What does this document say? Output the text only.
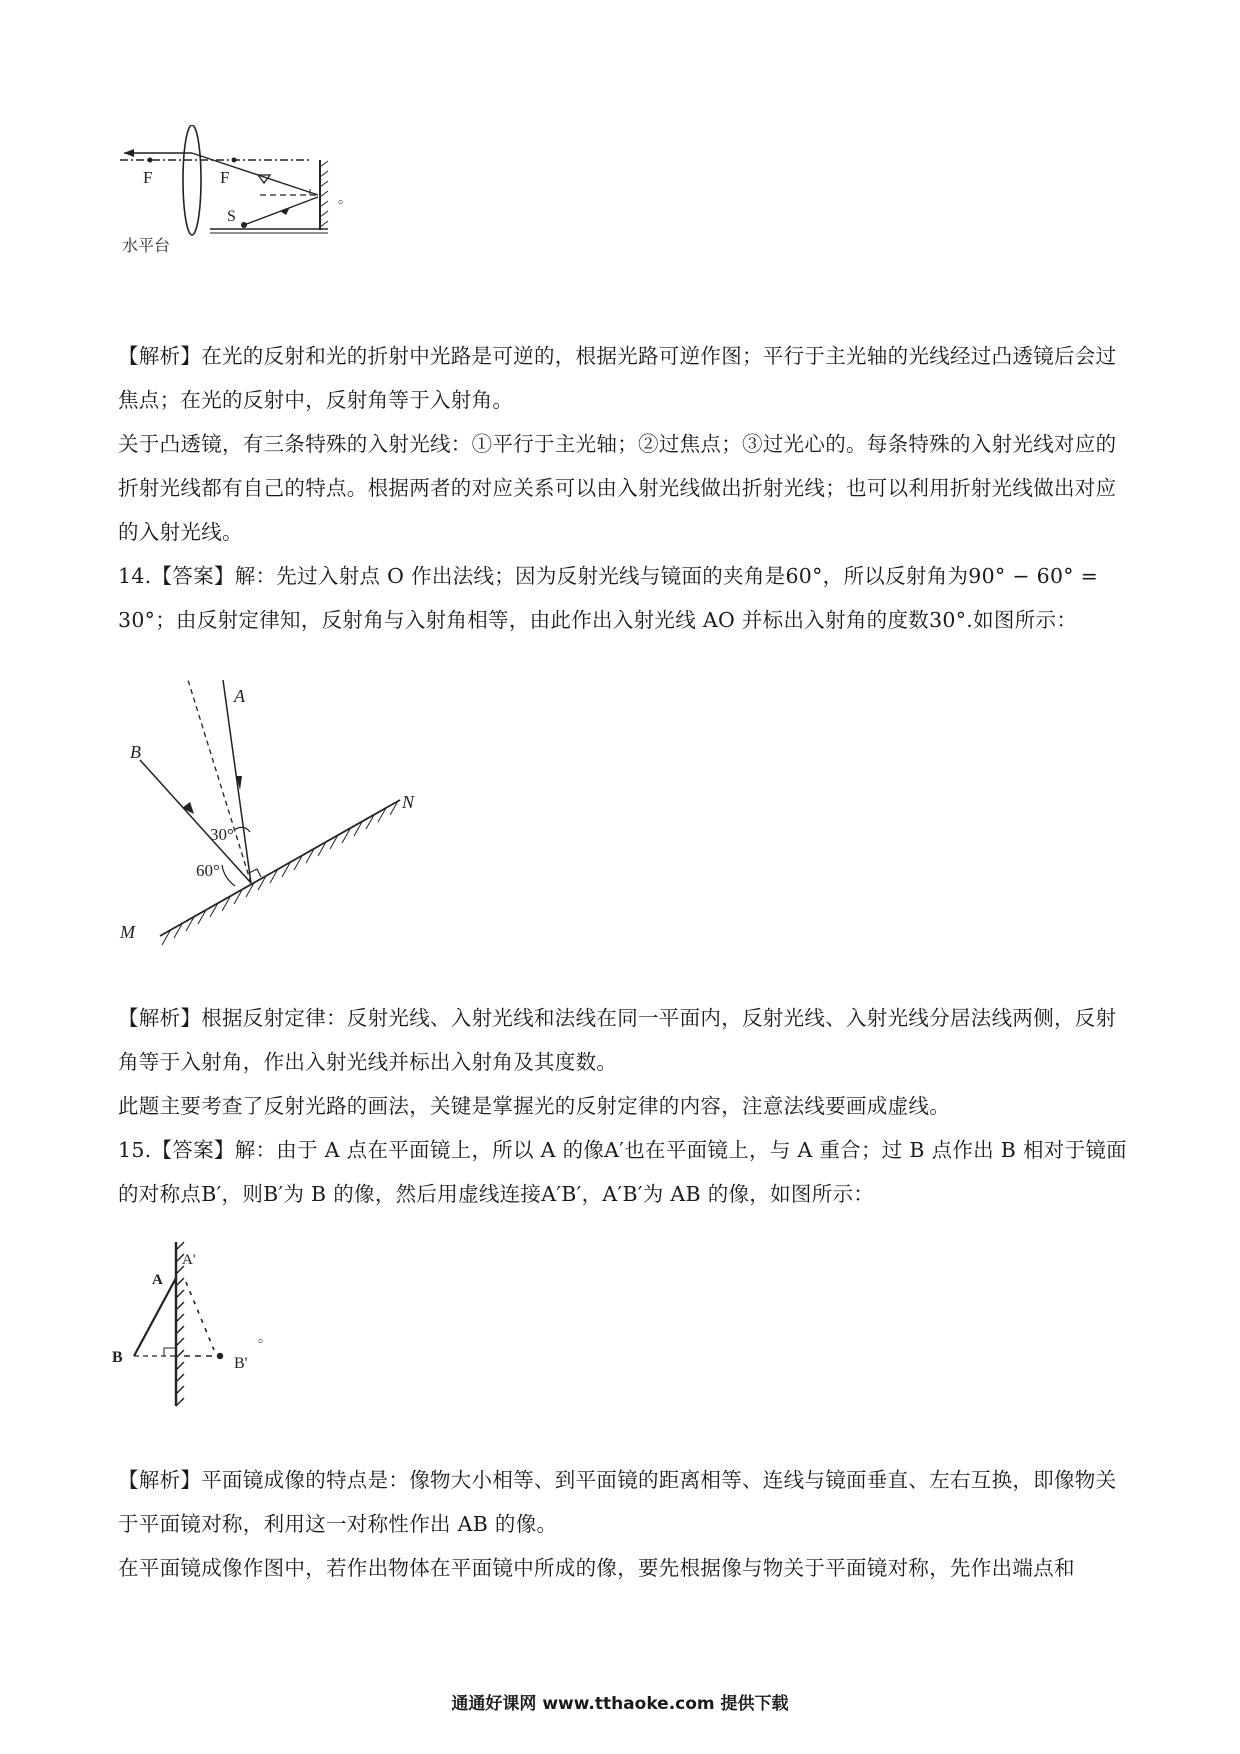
F	F
S
水平台
。

【解析】在光的反射和光的折射中光路是可逆的，根据光路可逆作图；平行于主光轴的光线经过凸透镜后会过焦点；在光的反射中，反射角等于入射角。

关于凸透镜，有三条特殊的入射光线：①平行于主光轴；②过焦点；③过光心的。每条特殊的入射光线对应的折射光线都有自己的特点。根据两者的对应关系可以由入射光线做出折射光线；也可以利用折射光线做出对应的入射光线。

14.【答案】解：先过入射点 O 作出法线；因为反射光线与镜面的夹角是60°，所以反射角为90° − 60° = 30°；由反射定律知，反射角与入射角相等，由此作出入射光线 AO 并标出入射角的度数30°.如图所示：

A
B
30°
60°
N
M

【解析】根据反射定律：反射光线、入射光线和法线在同一平面内，反射光线、入射光线分居法线两侧，反射角等于入射角，作出入射光线并标出入射角及其度数。

此题主要考查了反射光路的画法，关键是掌握光的反射定律的内容，注意法线要画成虚线。

15.【答案】解：由于 A 点在平面镜上，所以 A 的像A′也在平面镜上，与 A 重合；过 B 点作出 B 相对于镜面的对称点B′，则B′为 B 的像，然后用虚线连接A′B′，A′B′为 AB 的像，如图所示：

A
A'
B	B'
。

【解析】平面镜成像的特点是：像物大小相等、到平面镜的距离相等、连线与镜面垂直、左右互换，即像物关于平面镜对称，利用这一对称性作出 AB 的像。

在平面镜成像作图中，若作出物体在平面镜中所成的像，要先根据像与物关于平面镜对称，先作出端点和

通通好课网 www.tthaoke.com 提供下载
